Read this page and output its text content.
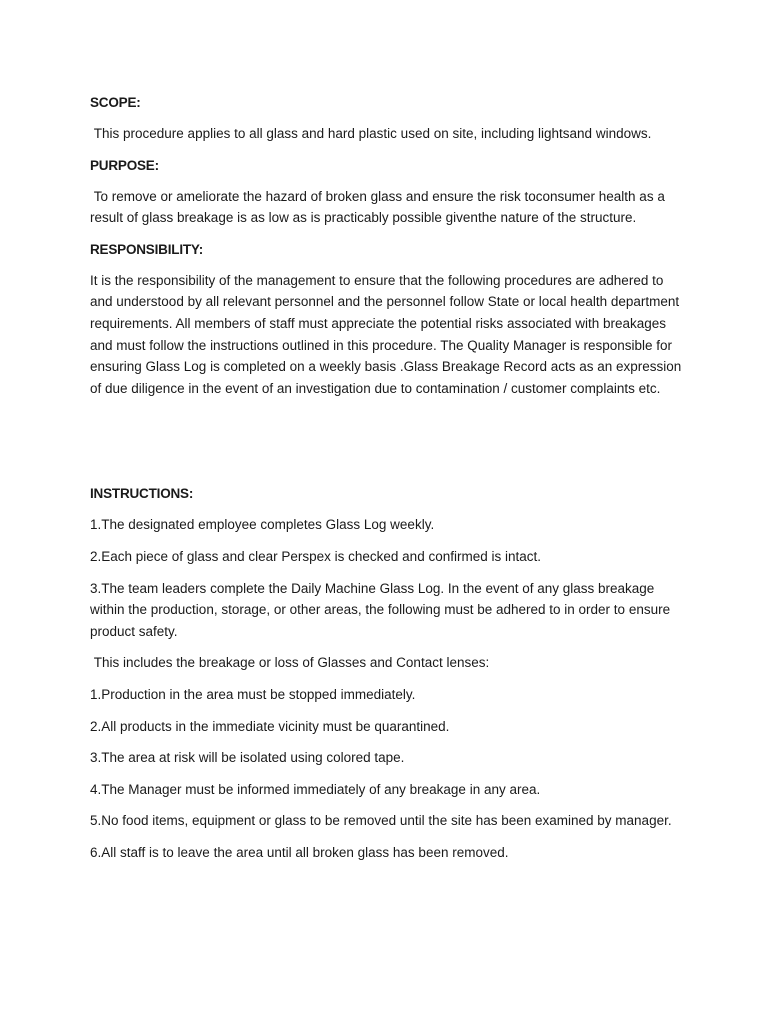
SCOPE:
This procedure applies to all glass and hard plastic used on site, including lightsand windows.
PURPOSE:
To remove or ameliorate the hazard of broken glass and ensure the risk toconsumer health as a result of glass breakage is as low as is practicably possible giventhe nature of the structure.
RESPONSIBILITY:
It is the responsibility of the management to ensure that the following procedures are adhered to and understood by all relevant personnel and the personnel follow State or local health department requirements. All members of staff must appreciate the potential risks associated with breakages and must follow the instructions outlined in this procedure. The Quality Manager is responsible for ensuring Glass Log is completed on a weekly basis .Glass Breakage Record acts as an expression of due diligence in the event of an investigation due to contamination / customer complaints etc.
INSTRUCTIONS:
1.The designated employee completes Glass Log weekly.
2.Each piece of glass and clear Perspex is checked and confirmed is intact.
3.The team leaders complete the Daily Machine Glass Log. In the event of any glass breakage within the production, storage, or other areas, the following must be adhered to in order to ensure product safety.
This includes the breakage or loss of Glasses and Contact lenses:
1.Production in the area must be stopped immediately.
2.All products in the immediate vicinity must be quarantined.
3.The area at risk will be isolated using colored tape.
4.The Manager must be informed immediately of any breakage in any area.
5.No food items, equipment or glass to be removed until the site has been examined by manager.
6.All staff is to leave the area until all broken glass has been removed.
